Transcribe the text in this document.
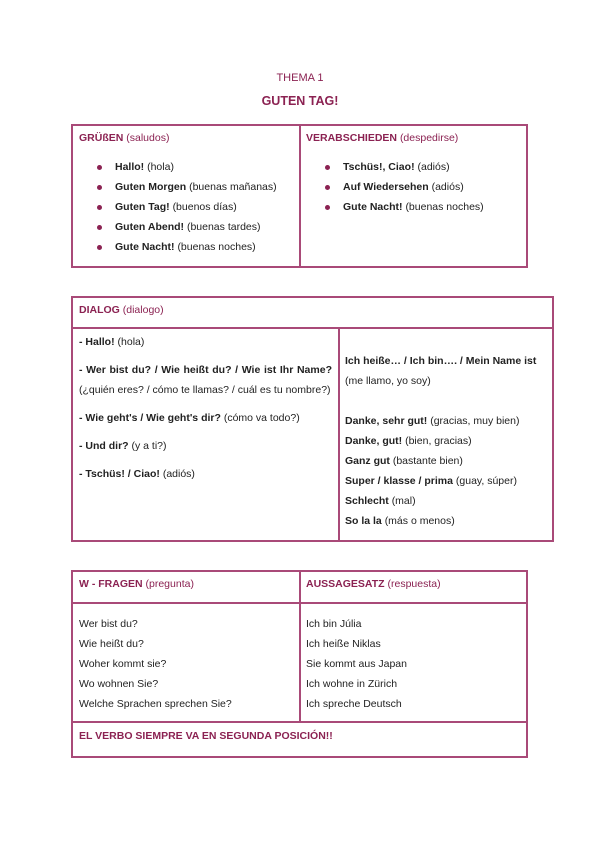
THEMA 1
GUTEN TAG!
GRÜßEN (saludos)
Hallo! (hola)
Guten Morgen (buenas mañanas)
Guten Tag! (buenos días)
Guten Abend! (buenas tardes)
Gute Nacht! (buenas noches)
VERABSCHIEDEN (despedirse)
Tschüs!, Ciao! (adiós)
Auf Wiedersehen (adiós)
Gute Nacht! (buenas noches)
DIALOG (dialogo)
- Hallo! (hola)
- Wer bist du? / Wie heißt du? / Wie ist Ihr Name? (¿quién eres? / cómo te llamas? / cuál es tu nombre?)
- Wie geht's / Wie geht's dir? (cómo va todo?)
- Und dir? (y a ti?)
- Tschüs! / Ciao! (adiós)
Ich heiße… / Ich bin…. / Mein Name ist
(me llamo, yo soy)
Danke, sehr gut! (gracias, muy bien)
Danke, gut! (bien, gracias)
Ganz gut (bastante bien)
Super / klasse / prima (guay, súper)
Schlecht (mal)
So la la (más o menos)
W - FRAGEN (pregunta)	AUSSAGESATZ (respuesta)
Wer bist du?
Wie heißt du?
Woher kommt sie?
Wo wohnen Sie?
Welche Sprachen sprechen Sie?
Ich bin Júlia
Ich heiße Niklas
Sie kommt aus Japan
Ich wohne in Zürich
Ich spreche Deutsch
EL VERBO SIEMPRE VA EN SEGUNDA POSICIÓN!!
